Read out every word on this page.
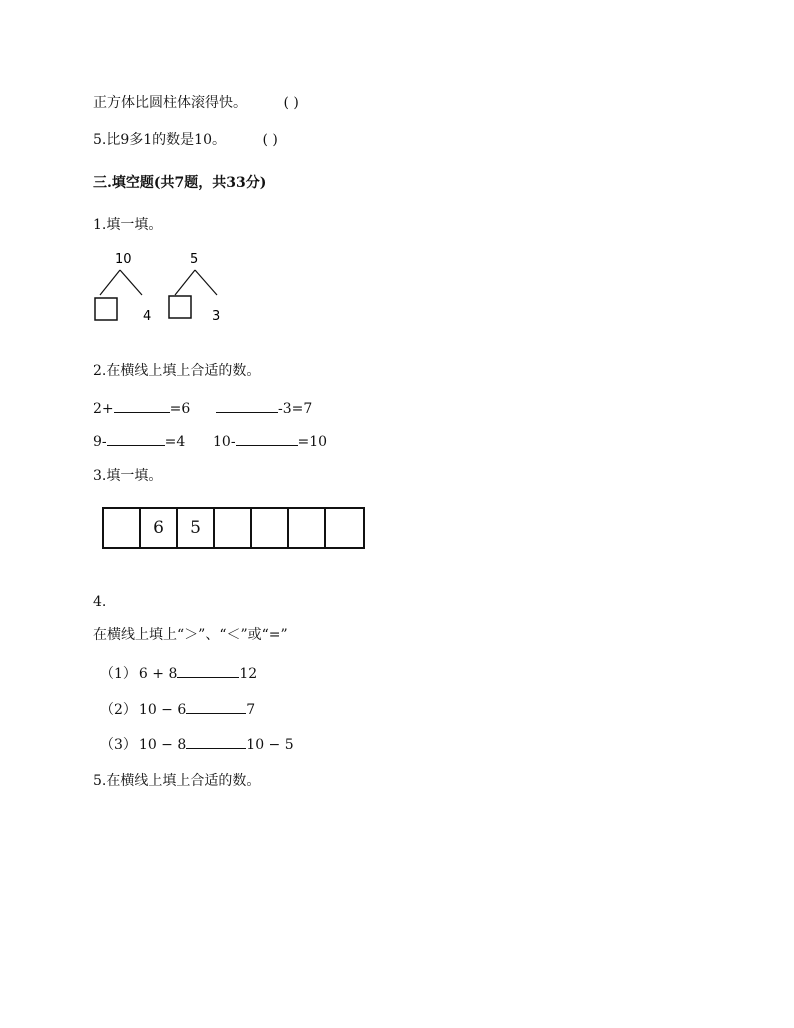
正方体比圆柱体滚得快。	( )
5.比9多1的数是10。	( )
三.填空题(共7题，共33分)
1.填一填。
10
4
5
3
2.在横线上填上合适的数。
2+	=6	-3=7
9-	=4 10-	=10
3.填一填。
6	5
4.
在横线上填上“＞”、“＜”或“=”
（1） 6 + 8	12
（2） 10 − 6	7
（3） 10 − 8	10 − 5
5.在横线上填上合适的数。
